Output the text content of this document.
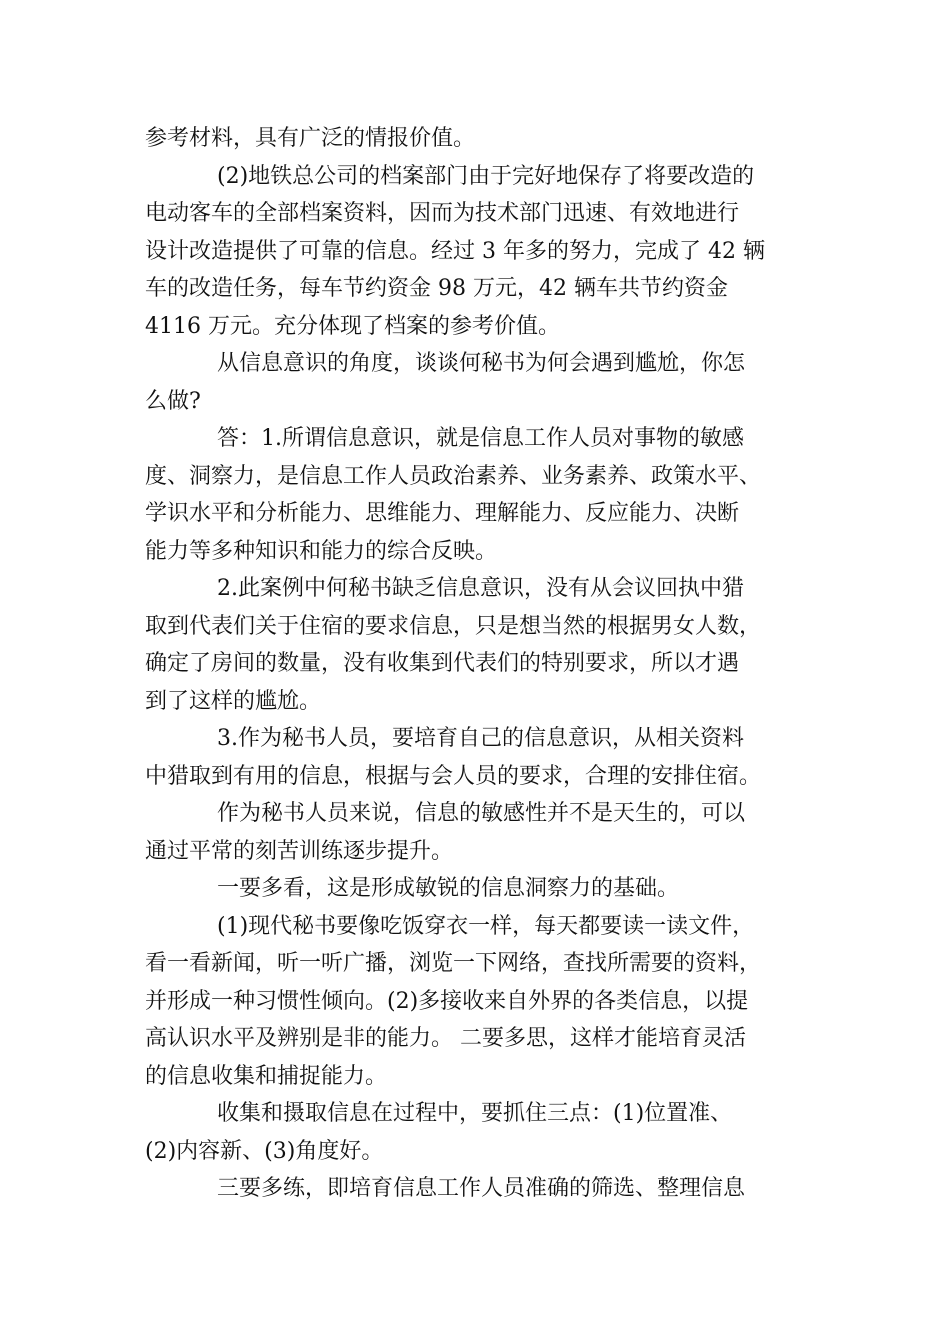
参考材料，具有广泛的情报价值。
(2)地铁总公司的档案部门由于完好地保存了将要改造的
电动客车的全部档案资料，因而为技术部门迅速、有效地进行
设计改造提供了可靠的信息。经过 3 年多的努力，完成了 42 辆
车的改造任务，每车节约资金 98 万元，42 辆车共节约资金
4116 万元。充分体现了档案的参考价值。
从信息意识的角度，谈谈何秘书为何会遇到尴尬，你怎
么做?
答：1.所谓信息意识，就是信息工作人员对事物的敏感
度、洞察力，是信息工作人员政治素养、业务素养、政策水平、
学识水平和分析能力、思维能力、理解能力、反应能力、决断
能力等多种知识和能力的综合反映。
2.此案例中何秘书缺乏信息意识，没有从会议回执中猎
取到代表们关于住宿的要求信息，只是想当然的根据男女人数，
确定了房间的数量，没有收集到代表们的特别要求，所以才遇
到了这样的尴尬。
3.作为秘书人员，要培育自己的信息意识，从相关资料
中猎取到有用的信息，根据与会人员的要求，合理的安排住宿。
作为秘书人员来说，信息的敏感性并不是天生的，可以
通过平常的刻苦训练逐步提升。
一要多看，这是形成敏锐的信息洞察力的基础。
(1)现代秘书要像吃饭穿衣一样，每天都要读一读文件，
看一看新闻，听一听广播，浏览一下网络，查找所需要的资料，
并形成一种习惯性倾向。(2)多接收来自外界的各类信息，以提
高认识水平及辨别是非的能力。 二要多思，这样才能培育灵活
的信息收集和捕捉能力。
收集和摄取信息在过程中，要抓住三点：(1)位置准、
(2)内容新、(3)角度好。
三要多练，即培育信息工作人员准确的筛选、整理信息
